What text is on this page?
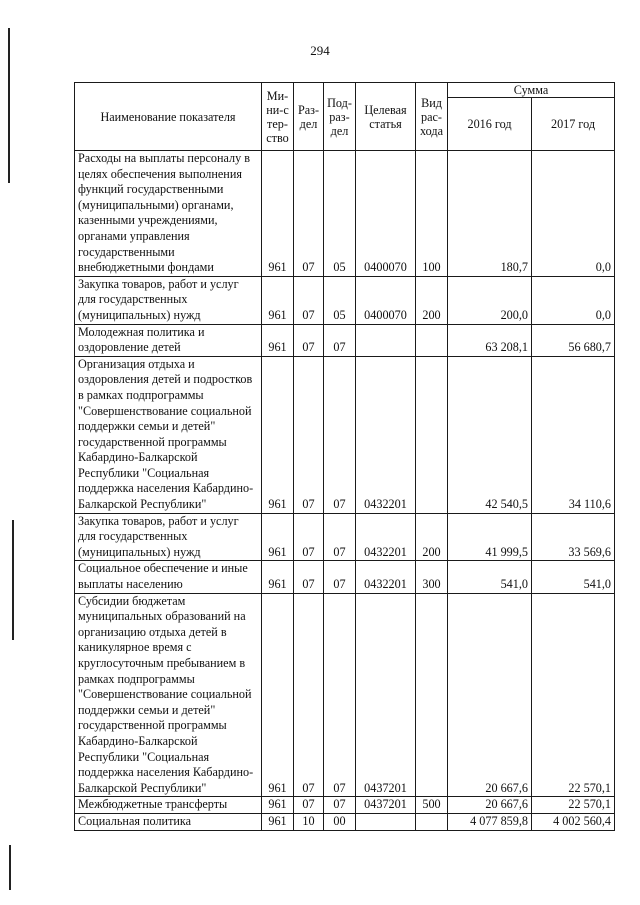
294
Наименование показателя	Ми-ни-стер-ство	Раз-дел	Под-раз-дел	Целевая статья	Вид рас-хода	Сумма	
						2016 год	2017 год
Расходы на выплаты персоналу в целях обеспечения выполнения функций государственными (муниципальными) органами, казенными учреждениями, органами управления государственными внебюджетными фондами	961	07	05	0400070	100	180,7	0,0
Закупка товаров, работ и услуг для государственных (муниципальных) нужд	961	07	05	0400070	200	200,0	0,0
Молодежная политика и оздоровление детей	961	07	07			63 208,1	56 680,7
Организация отдыха и оздоровления детей и подростков в рамках подпрограммы "Совершенствование социальной поддержки семьи и детей" государственной программы Кабардино-Балкарской Республики "Социальная поддержка населения Кабардино-Балкарской Республики"	961	07	07	0432201		42 540,5	34 110,6
Закупка товаров, работ и услуг для государственных (муниципальных) нужд	961	07	07	0432201	200	41 999,5	33 569,6
Социальное обеспечение и иные выплаты населению	961	07	07	0432201	300	541,0	541,0
Субсидии бюджетам муниципальных образований на организацию отдыха детей в каникулярное время с круглосуточным пребыванием в рамках подпрограммы "Совершенствование социальной поддержки семьи и детей" государственной программы Кабардино-Балкарской Республики "Социальная поддержка населения Кабардино-Балкарской Республики"	961	07	07	0437201		20 667,6	22 570,1
Межбюджетные трансферты	961	07	07	0437201	500	20 667,6	22 570,1
Социальная политика	961	10	00			4 077 859,8	4 002 560,4
